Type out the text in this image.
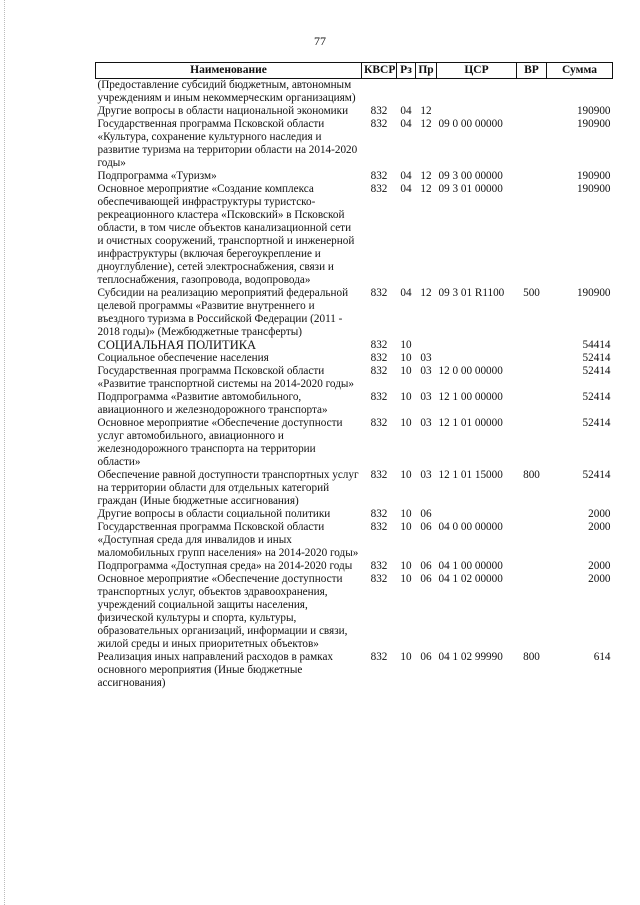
77
Наименование	КВСР	Рз	Пр	ЦСР	ВР	Сумма
(Предоставление субсидий бюджетным, автономным учреждениям и иным некоммерческим организациям)						
Другие вопросы в области национальной экономики	832	04	12			190900
Государственная программа Псковской области «Культура, сохранение культурного наследия и развитие туризма на территории области на 2014-2020 годы»	832	04	12	09 0 00 00000		190900
Подпрограмма «Туризм»	832	04	12	09 3 00 00000		190900
Основное мероприятие «Создание комплекса обеспечивающей инфраструктуры туристско-рекреационного кластера «Псковский» в Псковской области, в том числе объектов канализационной сети и очистных сооружений, транспортной и инженерной инфраструктуры (включая берегоукрепление и дноуглубление), сетей электроснабжения, связи и теплоснабжения, газопровода, водопровода»	832	04	12	09 3 01 00000		190900
Субсидии на реализацию мероприятий федеральной целевой программы «Развитие внутреннего и въездного туризма в Российской Федерации (2011 - 2018 годы)» (Межбюджетные трансферты)	832	04	12	09 3 01 R1100	500	190900
СОЦИАЛЬНАЯ ПОЛИТИКА	832	10				54414
Социальное обеспечение населения	832	10	03			52414
Государственная программа Псковской области «Развитие транспортной системы на 2014-2020 годы»	832	10	03	12 0 00 00000		52414
Подпрограмма «Развитие автомобильного, авиационного и железнодорожного транспорта»	832	10	03	12 1 00 00000		52414
Основное мероприятие «Обеспечение доступности услуг автомобильного, авиационного и железнодорожного транспорта на территории области»	832	10	03	12 1 01 00000		52414
Обеспечение равной доступности транспортных услуг на территории области для отдельных категорий граждан (Иные бюджетные ассигнования)	832	10	03	12 1 01 15000	800	52414
Другие вопросы в области социальной политики	832	10	06			2000
Государственная программа Псковской области «Доступная среда для инвалидов и иных маломобильных групп населения» на 2014-2020 годы»	832	10	06	04 0 00 00000		2000
Подпрограмма «Доступная среда» на 2014-2020 годы	832	10	06	04 1 00 00000		2000
Основное мероприятие «Обеспечение доступности транспортных услуг, объектов здравоохранения, учреждений социальной защиты населения, физической культуры и спорта, культуры, образовательных организаций, информации и связи, жилой среды и иных приоритетных объектов»	832	10	06	04 1 02 00000		2000
Реализация иных направлений расходов в рамках основного мероприятия (Иные бюджетные ассигнования)	832	10	06	04 1 02 99990	800	614
